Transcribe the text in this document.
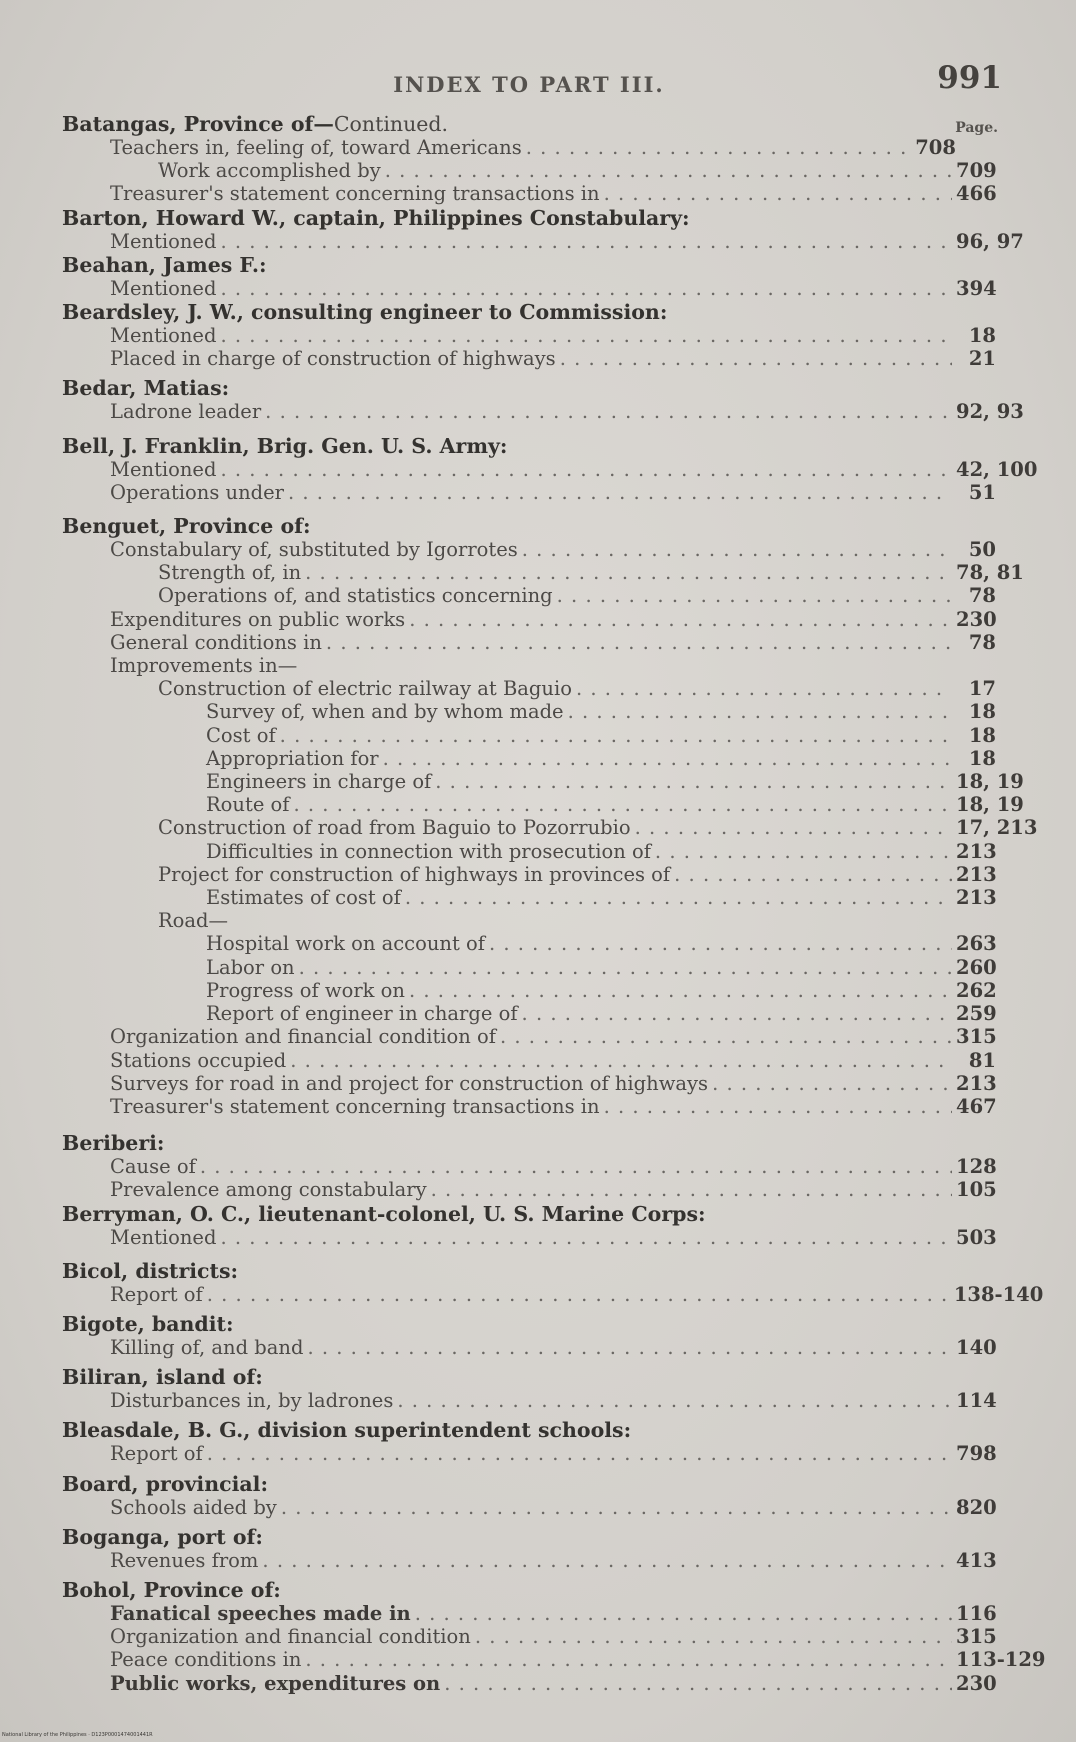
INDEX TO PART III.	991
Batangas, Province of—Continued.	Page.
Teachers in, feeling of, toward Americans . . .	708
Work accomplished by . . .	709
Treasurer's statement concerning transactions in . . .	466
Barton, Howard W., captain, Philippines Constabulary:
Mentioned . . .	96, 97
Beahan, James F.:
Mentioned . . .	394
Beardsley, J. W., consulting engineer to Commission:
Mentioned . . .	18
Placed in charge of construction of highways . . .	21
Bedar, Matias:
Ladrone leader . . .	92, 93
Bell, J. Franklin, Brig. Gen. U. S. Army:
Mentioned . . .	42, 100
Operations under . . .	51
Benguet, Province of:
Constabulary of, substituted by Igorrotes . . .	50
Strength of, in . . .	78, 81
Operations of, and statistics concerning . . .	78
Expenditures on public works . . .	230
General conditions in . . .	78
Improvements in—
Construction of electric railway at Baguio . . .	17
Survey of, when and by whom made . . .	18
Cost of . . .	18
Appropriation for . . .	18
Engineers in charge of . . .	18, 19
Route of . . .	18, 19
Construction of road from Baguio to Pozorrubio . . .	17, 213
Difficulties in connection with prosecution of . . .	213
Project for construction of highways in provinces of . . .	213
Estimates of cost of . . .	213
Road—
Hospital work on account of . . .	263
Labor on . . .	260
Progress of work on . . .	262
Report of engineer in charge of . . .	259
Organization and financial condition of . . .	315
Stations occupied . . .	81
Surveys for road in and project for construction of highways . . .	213
Treasurer's statement concerning transactions in . . .	467
Beriberi:
Cause of . . .	128
Prevalence among constabulary . . .	105
Berryman, O. C., lieutenant-colonel, U. S. Marine Corps:
Mentioned . . .	503
Bicol, districts:
Report of . . .	138-140
Bigote, bandit:
Killing of, and band . . .	140
Biliran, island of:
Disturbances in, by ladrones . . .	114
Bleasdale, B. G., division superintendent schools:
Report of . . .	798
Board, provincial:
Schools aided by . . .	820
Boganga, port of:
Revenues from . . .	413
Bohol, Province of:
Fanatical speeches made in . . .	116
Organization and financial condition . . .	315
Peace conditions in . . .	113-129
Public works, expenditures on . . .	230
National Library of the Philippines · D123P0001474001441R
